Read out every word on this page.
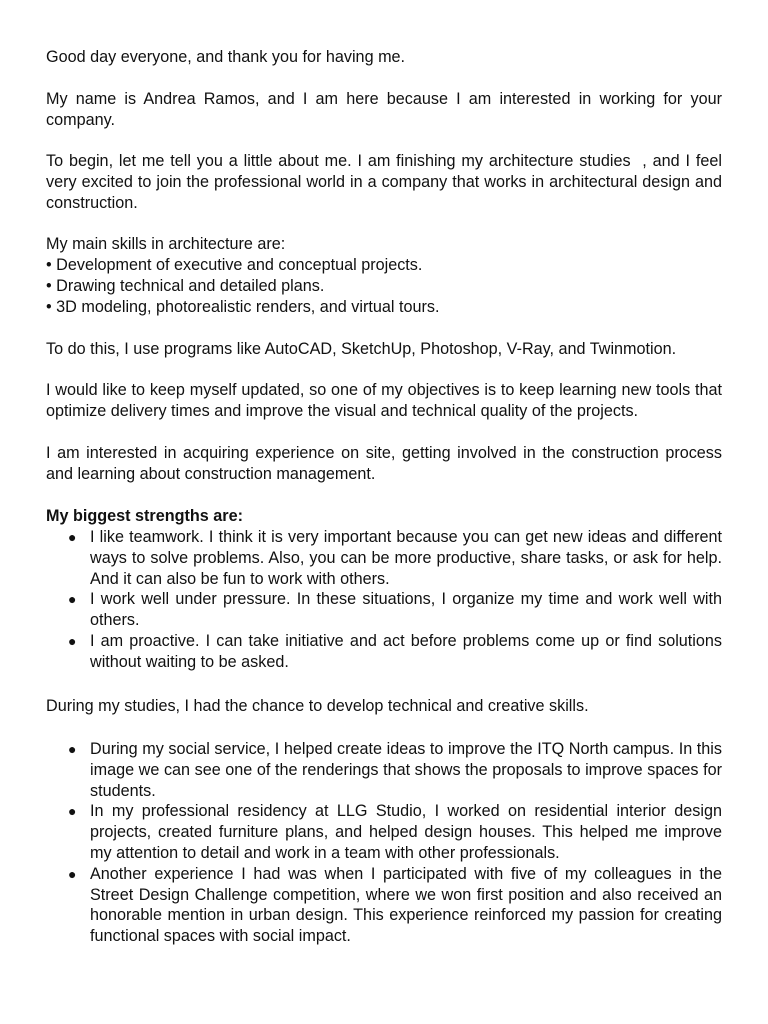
Good day everyone, and thank you for having me.

My name is Andrea Ramos, and I am here because I am interested in working for your company.

To begin, let me tell you a little about me. I am finishing my architecture studies  , and I feel very excited to join the professional world in a company that works in architectural design and construction.

My main skills in architecture are:

• Development of executive and conceptual projects.

• Drawing technical and detailed plans.

• 3D modeling, photorealistic renders, and virtual tours.

To do this, I use programs like AutoCAD, SketchUp, Photoshop, V-Ray, and Twinmotion.

I would like to keep myself updated, so one of my objectives is to keep learning new tools that optimize delivery times and improve the visual and technical quality of the projects.

I am interested in acquiring experience on site, getting involved in the construction process and learning about construction management.

My biggest strengths are:

● I like teamwork. I think it is very important because you can get new ideas and different ways to solve problems. Also, you can be more productive, share tasks, or ask for help. And it can also be fun to work with others.
● I work well under pressure. In these situations, I organize my time and work well with others.
● I am proactive. I can take initiative and act before problems come up or find solutions without waiting to be asked.

During my studies, I had the chance to develop technical and creative skills.

● During my social service, I helped create ideas to improve the ITQ North campus. In this image we can see one of the renderings that shows the proposals to improve spaces for students.
● In my professional residency at LLG Studio, I worked on residential interior design projects, created furniture plans, and helped design houses. This helped me improve my attention to detail and work in a team with other professionals.
● Another experience I had was when I participated with five of my colleagues in the Street Design Challenge competition, where we won first position and also received an honorable mention in urban design. This experience reinforced my passion for creating functional spaces with social impact.
